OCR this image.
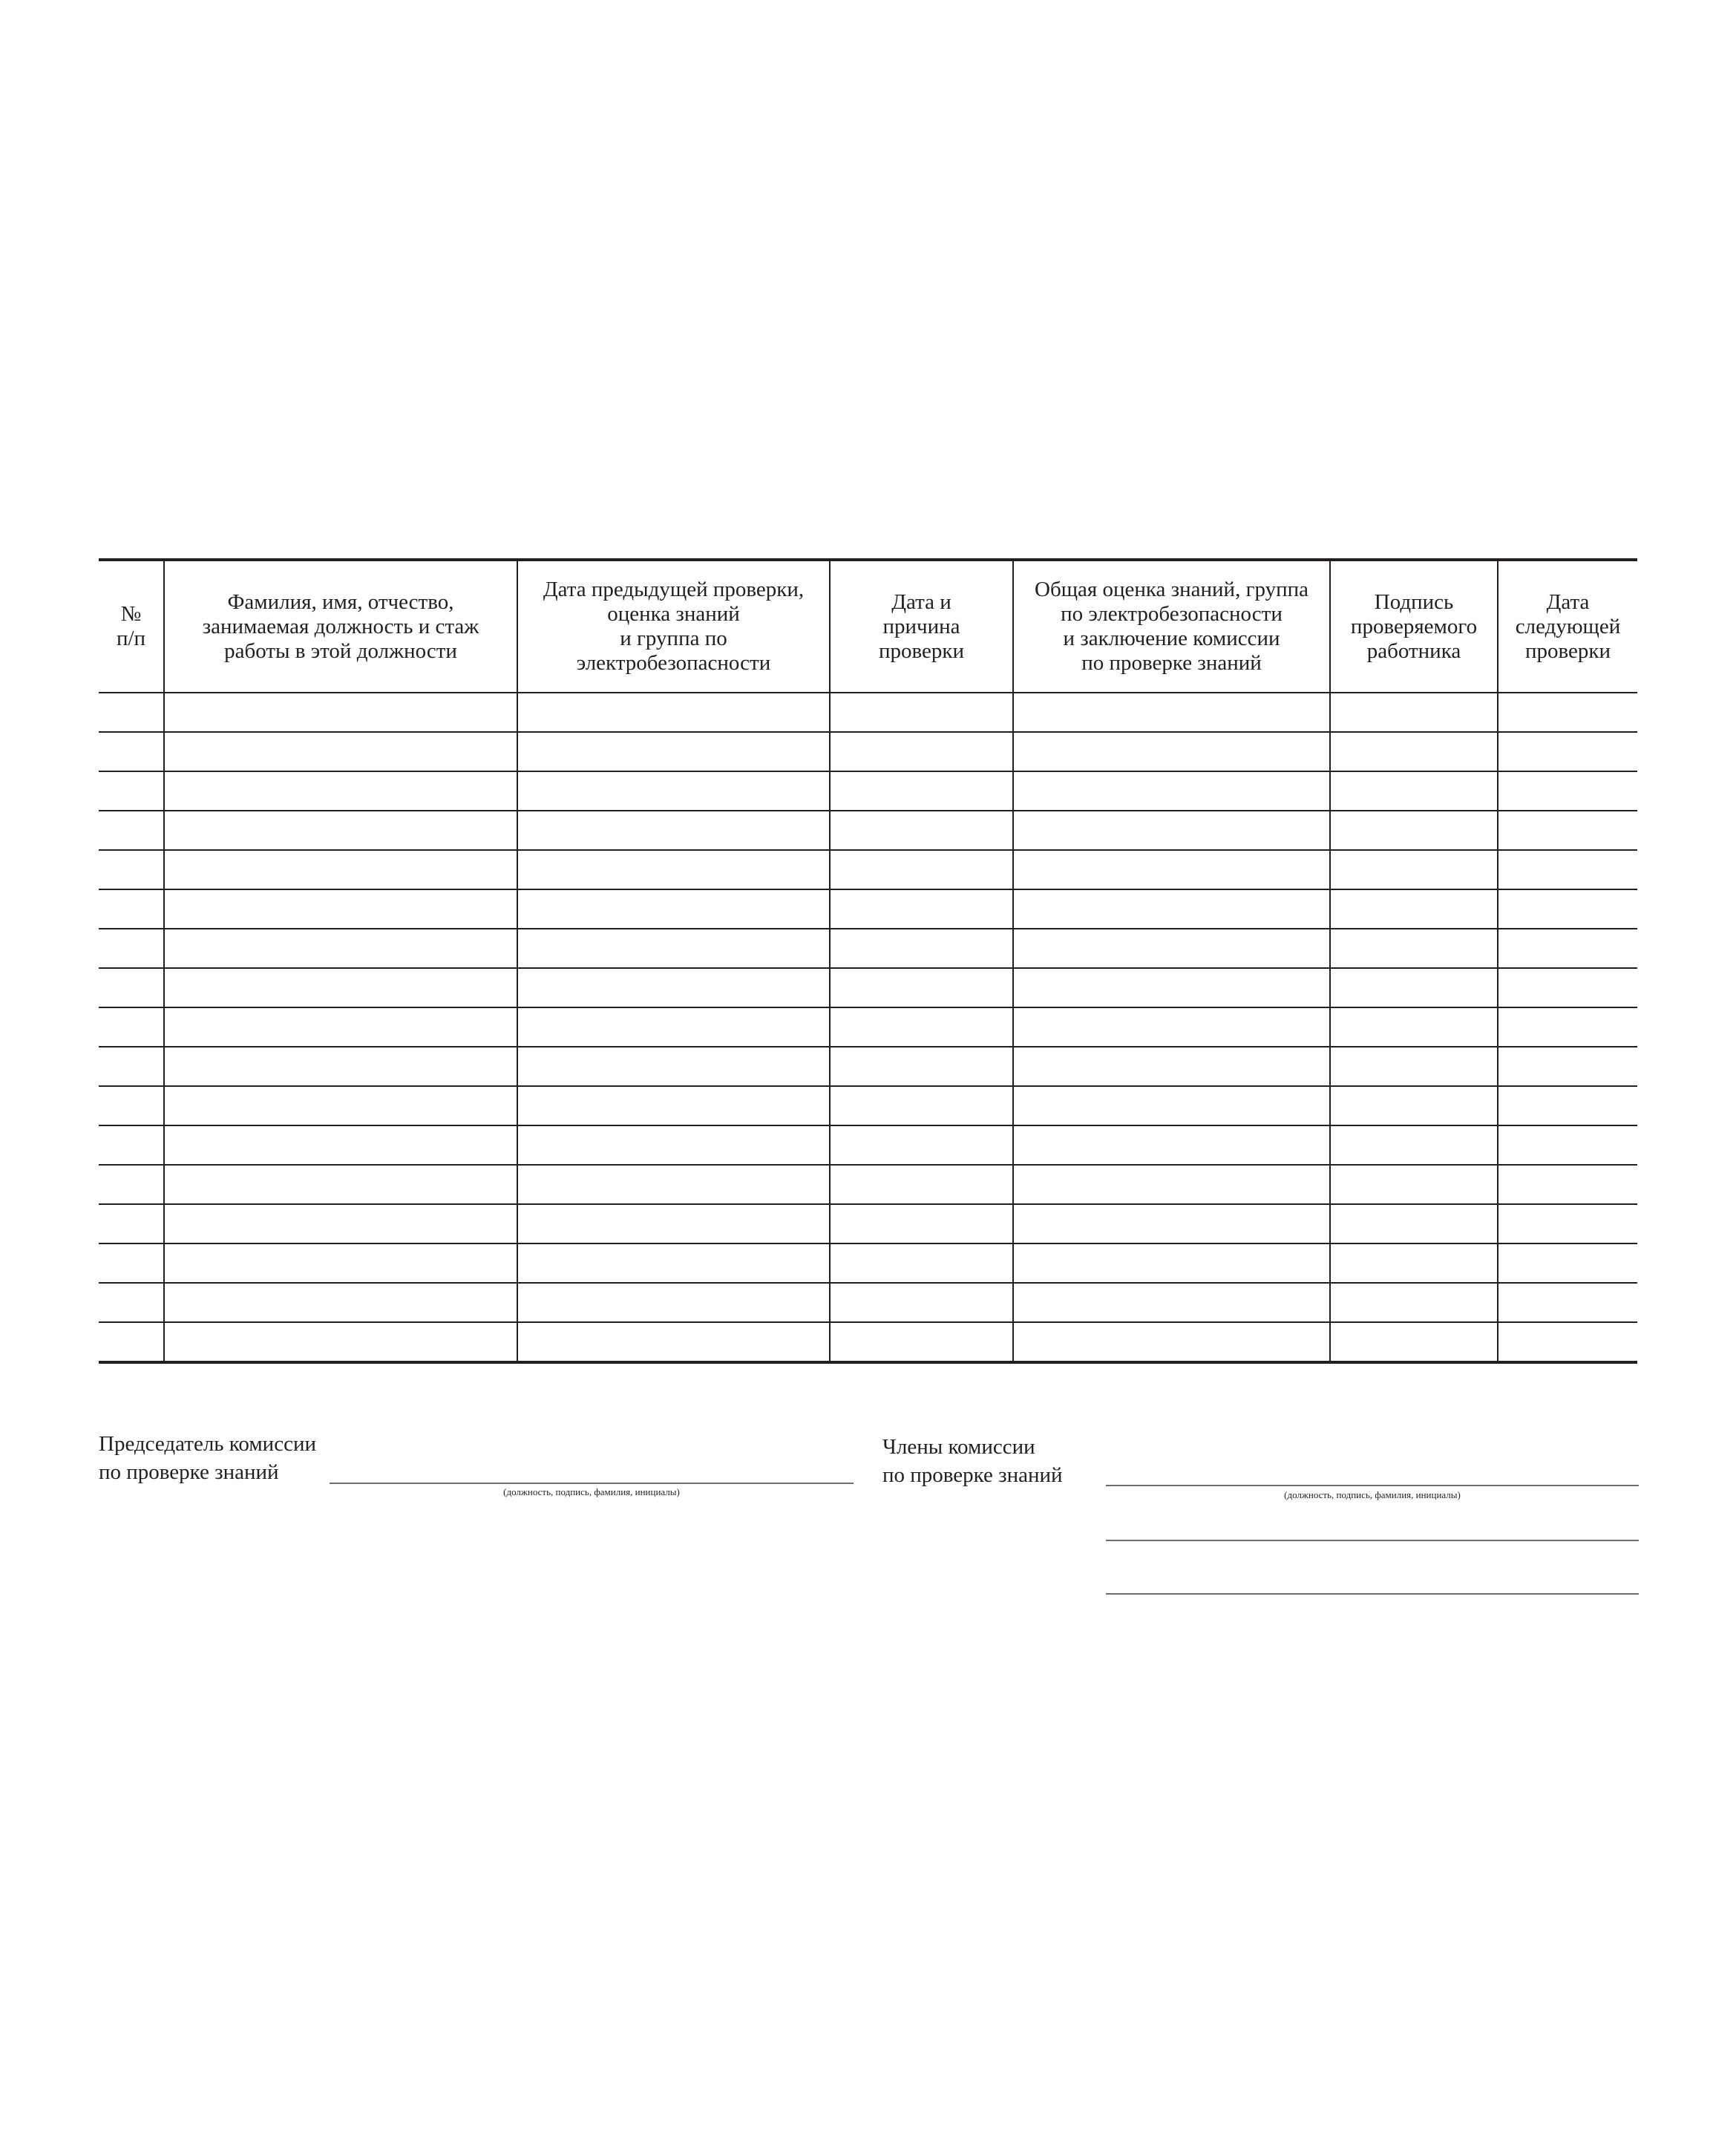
№
п/п	Фамилия, имя, отчество,
занимаемая должность и стаж
работы в этой должности	Дата предыдущей проверки,
оценка знаний
и группа по
электробезопасности	Дата и
причина
проверки	Общая оценка знаний, группа
по электробезопасности
и заключение комиссии
по проверке знаний	Подпись
проверяемого
работника	Дата
следующей
проверки

Председатель комиссии
по проверке знаний
(должность, подпись, фамилия, инициалы)
Члены комиссии
по проверке знаний
(должность, подпись, фамилия, инициалы)
